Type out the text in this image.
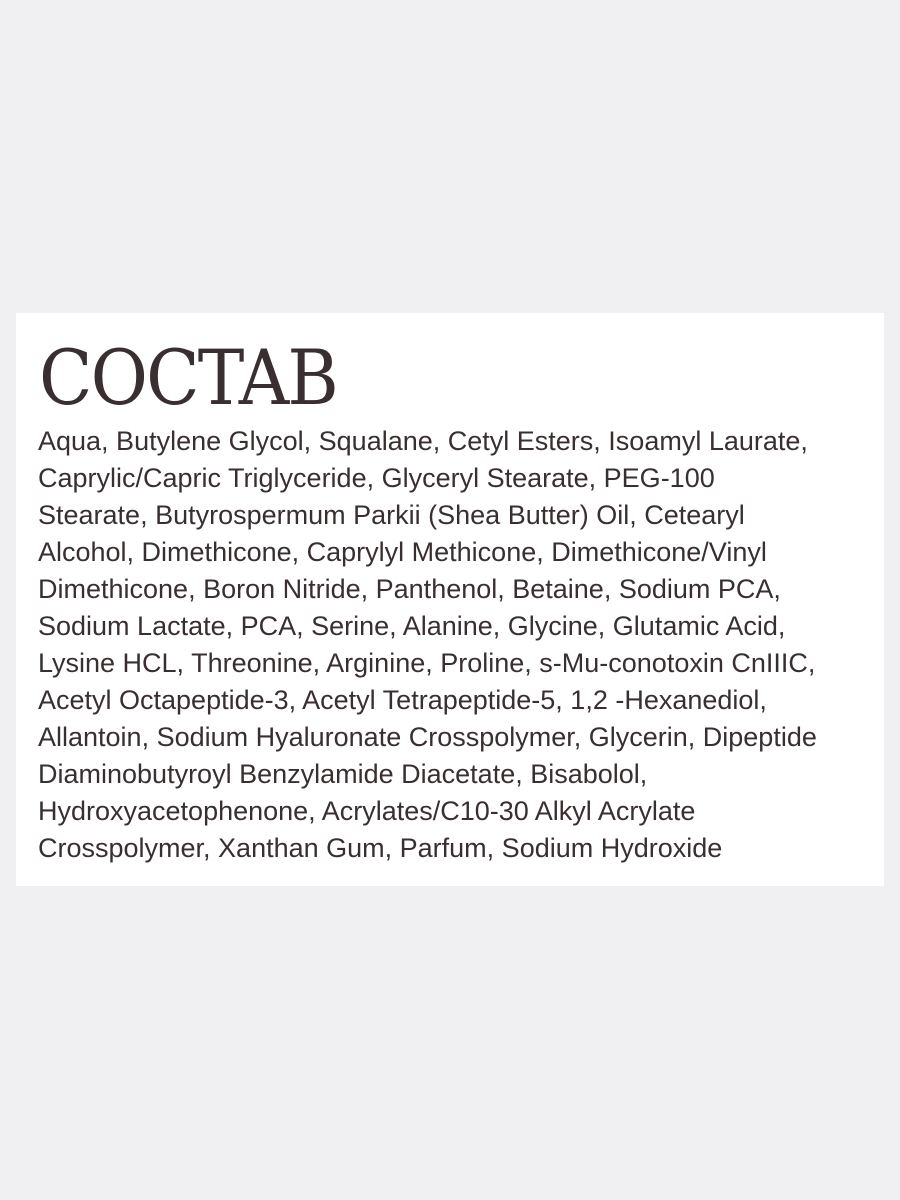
COCTAB

Aqua, Butylene Glycol, Squalane, Cetyl Esters, Isoamyl Laurate,
Caprylic/Capric Triglyceride, Glyceryl Stearate, PEG-100
Stearate, Butyrospermum Parkii (Shea Butter) Oil, Cetearyl
Alcohol, Dimethicone, Caprylyl Methicone, Dimethicone/Vinyl
Dimethicone, Boron Nitride, Panthenol, Betaine, Sodium PCA,
Sodium Lactate, PCA, Serine, Alanine, Glycine, Glutamic Acid,
Lysine HCL, Threonine, Arginine, Proline, s-Mu-conotoxin CnIIIC,
Acetyl Octapeptide-3, Acetyl Tetrapeptide-5, 1,2 -Hexanediol,
Allantoin, Sodium Hyaluronate Crosspolymer, Glycerin, Dipeptide
Diaminobutyroyl Benzylamide Diacetate, Bisabolol,
Hydroxyacetophenone, Acrylates/C10-30 Alkyl Acrylate
Crosspolymer, Xanthan Gum, Parfum, Sodium Hydroxide
